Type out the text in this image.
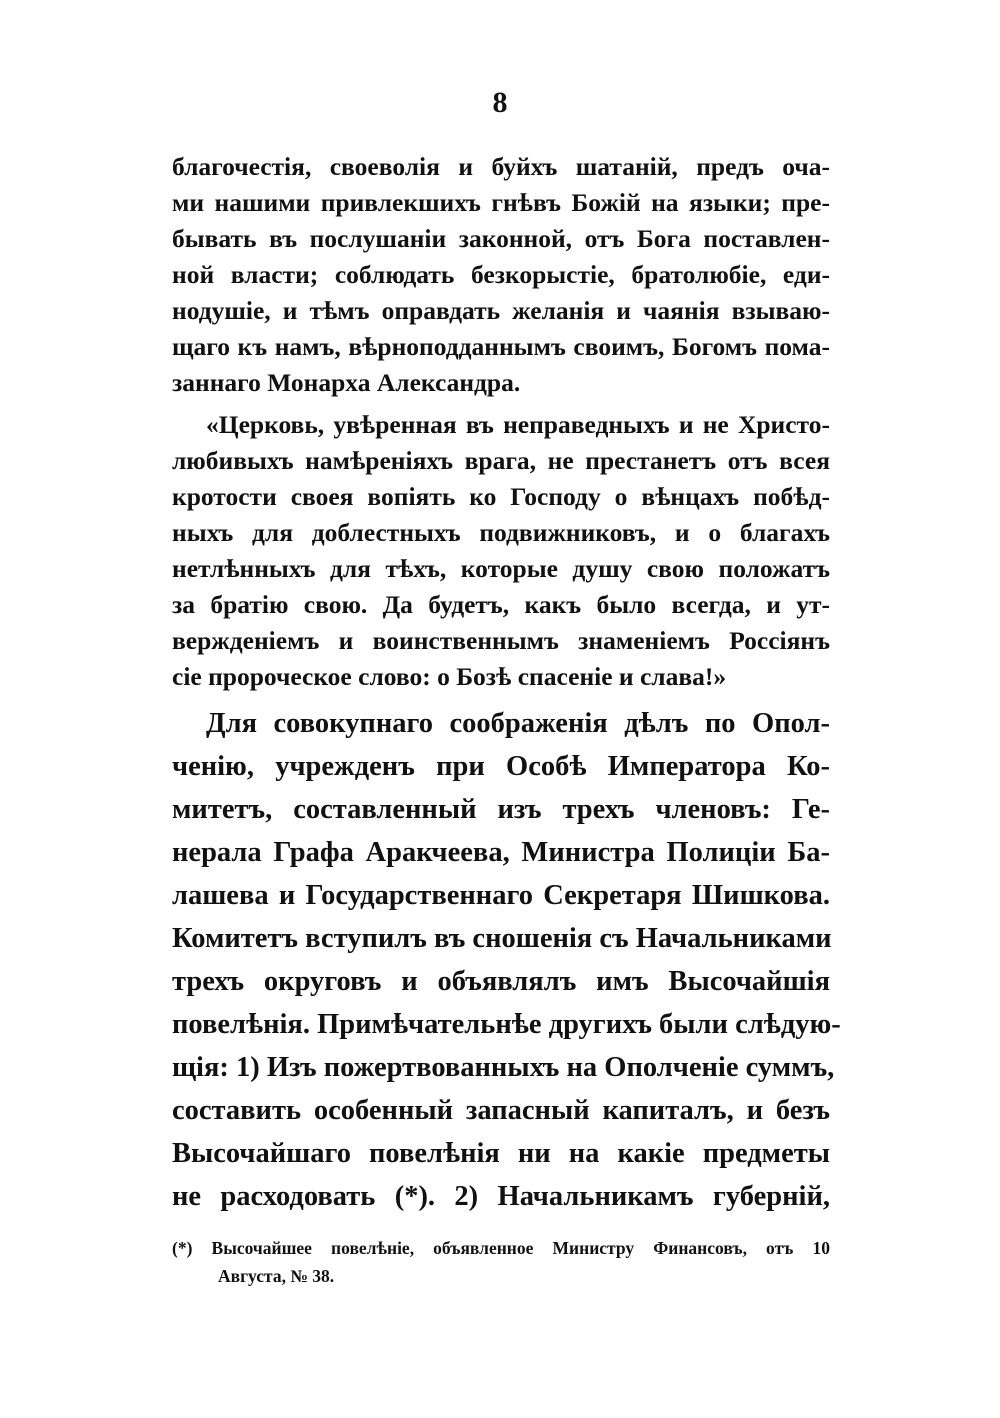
8
благочестія, своеволія и буйхъ шатаній, предъ оча-
ми нашими привлекшихъ гнѣвъ Божій на языки; пре-
бывать въ послушаніи законной, отъ Бога поставлен-
ной власти; соблюдать безкорыстіе, братолюбіе, еди-
нодушіе, и тѣмъ оправдать желанія и чаянія взываю-
щаго къ намъ, вѣрноподданнымъ своимъ, Богомъ пома-
заннаго Монарха Александра.
«Церковь, увѣренная въ неправедныхъ и не Христо-
любивыхъ намѣреніяхъ врага, не престанетъ отъ всея
кротости своея вопіять ко Господу о вѣнцахъ побѣд-
ныхъ для доблестныхъ подвижниковъ, и о благахъ
нетлѣнныхъ для тѣхъ, которые душу свою положатъ
за братію свою. Да будетъ, какъ было всегда, и ут-
вержденіемъ и воинственнымъ знаменіемъ Россіянъ
сіе пророческое слово: о Бозѣ спасеніе и слава!»
Для совокупнаго соображенія дѣлъ по Опол-
ченію, учрежденъ при Особѣ Императора Ко-
митетъ, составленный изъ трехъ членовъ: Ге-
нерала Графа Аракчеева, Министра Полиціи Ба-
лашева и Государственнаго Секретаря Шишкова.
Комитетъ вступилъ въ сношенія съ Начальниками
трехъ округовъ и объявлялъ имъ Высочайшія
повелѣнія. Примѣчательнѣе другихъ были слѣдую-
щія: 1) Изъ пожертвованныхъ на Ополченіе суммъ,
составить особенный запасный капиталъ, и безъ
Высочайшаго повелѣнія ни на какіе предметы
не расходовать (*). 2) Начальникамъ губерній,
(*) Высочайшее повелѣніе, объявленное Министру Финансовъ, отъ 10
Августа, № 38.
